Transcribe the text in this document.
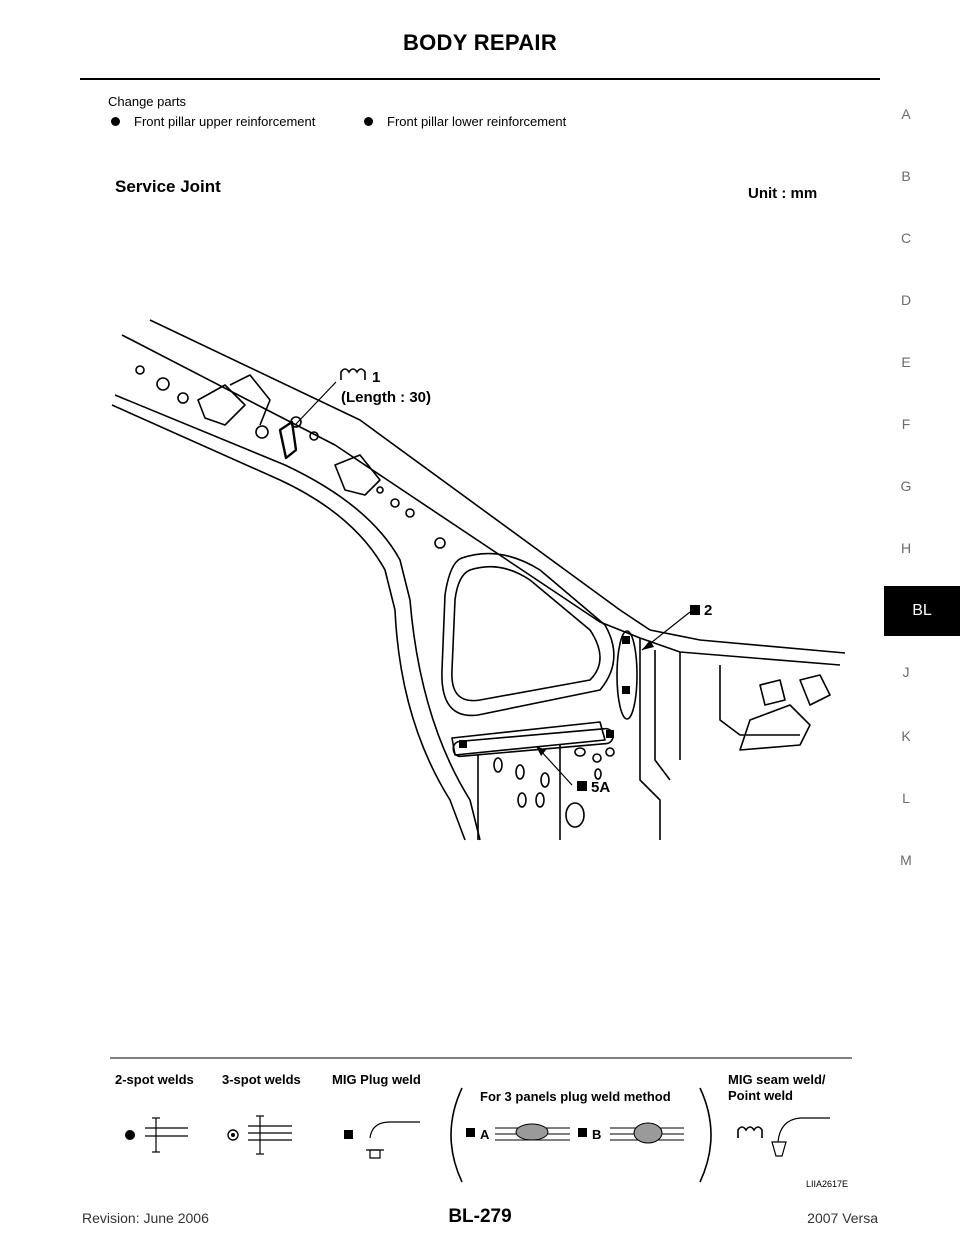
BODY REPAIR
A
B
C
D
E
F
G
H
BL
J
K
L
M
Change parts
Front pillar upper reinforcement	Front pillar lower reinforcement
Service Joint	Unit : mm
1
(Length : 30)
2
5A
2-spot welds 3-spot welds MIG Plug weld
For 3 panels plug weld method
MIG seam weld/
Point weld
A	B
LIIA2617E
Revision: June 2006	BL-279	2007 Versa
